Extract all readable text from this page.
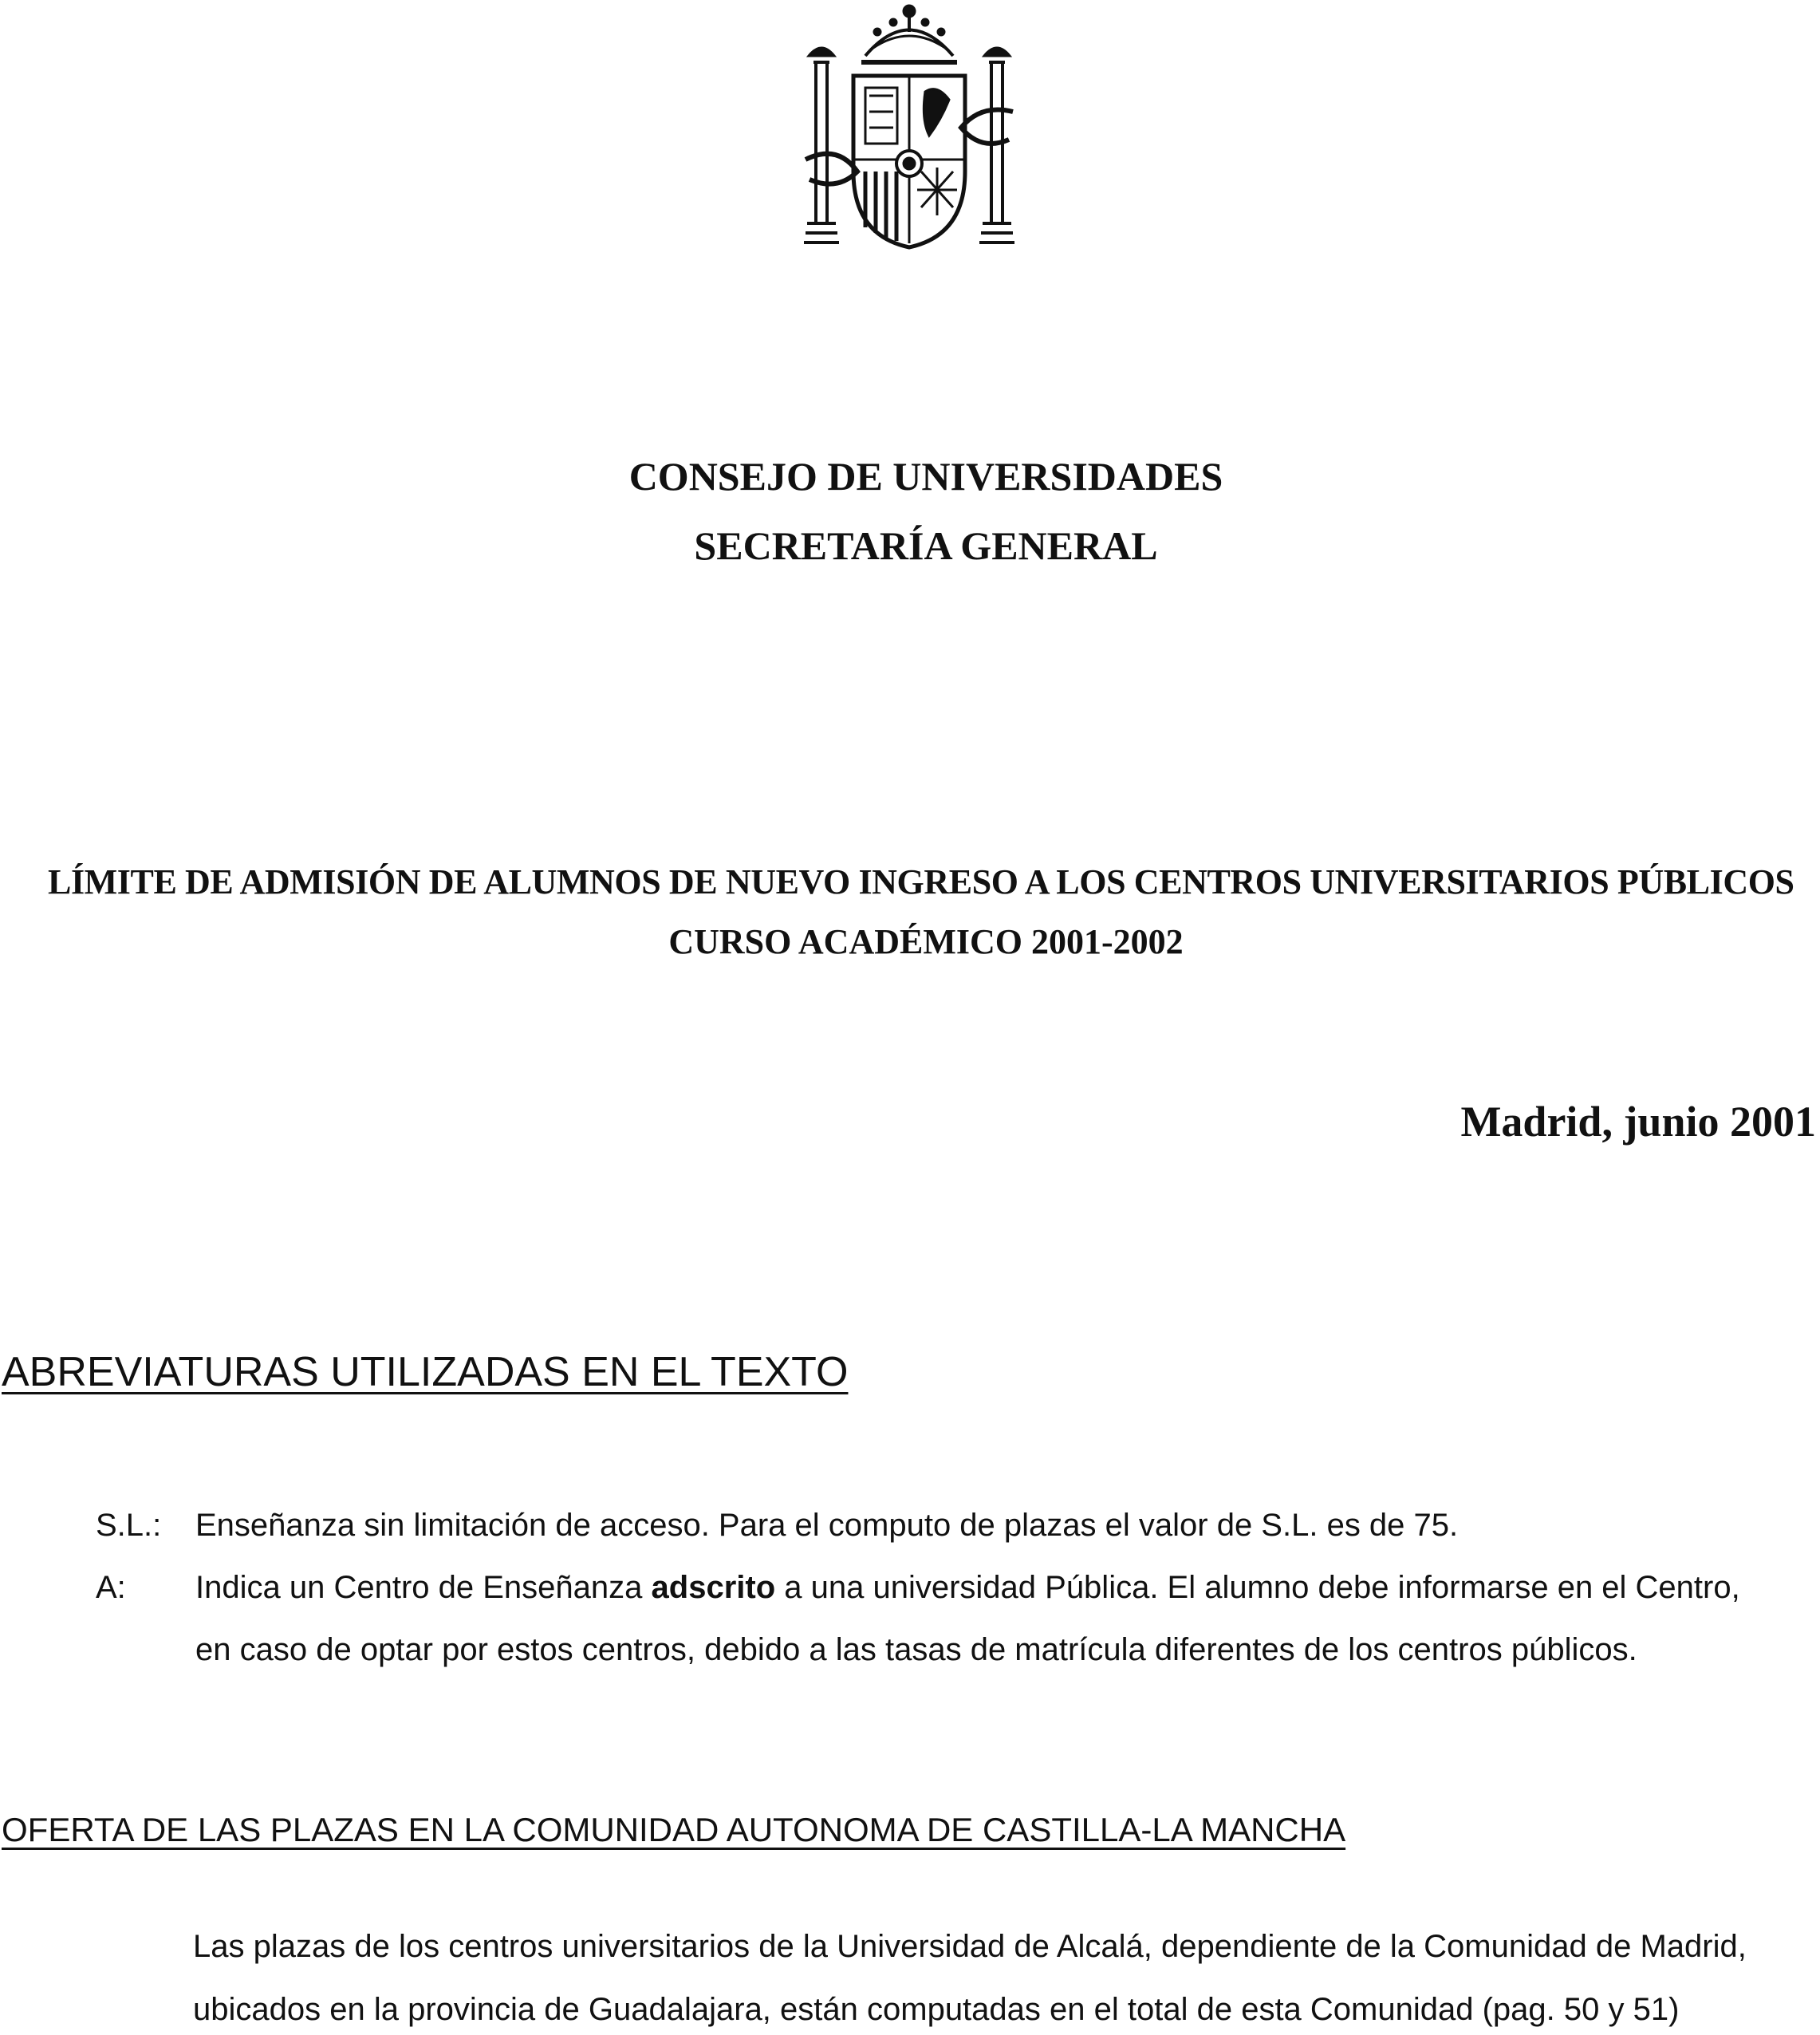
CONSEJO DE UNIVERSIDADES
SECRETARÍA GENERAL
LÍMITE DE ADMISIÓN DE ALUMNOS DE NUEVO INGRESO A LOS CENTROS UNIVERSITARIOS PÚBLICOS
CURSO ACADÉMICO 2001-2002
Madrid, junio 2001
ABREVIATURAS UTILIZADAS EN EL TEXTO
S.L.: Enseñanza sin limitación de acceso. Para el computo de plazas el valor de S.L. es de 75.
A: Indica un Centro de Enseñanza adscrito a una universidad Pública. El alumno debe informarse en el Centro,
en caso de optar por estos centros, debido a las tasas de matrícula diferentes de los centros públicos.
OFERTA DE LAS PLAZAS EN LA COMUNIDAD AUTONOMA DE CASTILLA-LA MANCHA
Las plazas de los centros universitarios de la Universidad de Alcalá, dependiente de la Comunidad de Madrid,
ubicados en la provincia de Guadalajara, están computadas en el total de esta Comunidad (pag. 50 y 51)
